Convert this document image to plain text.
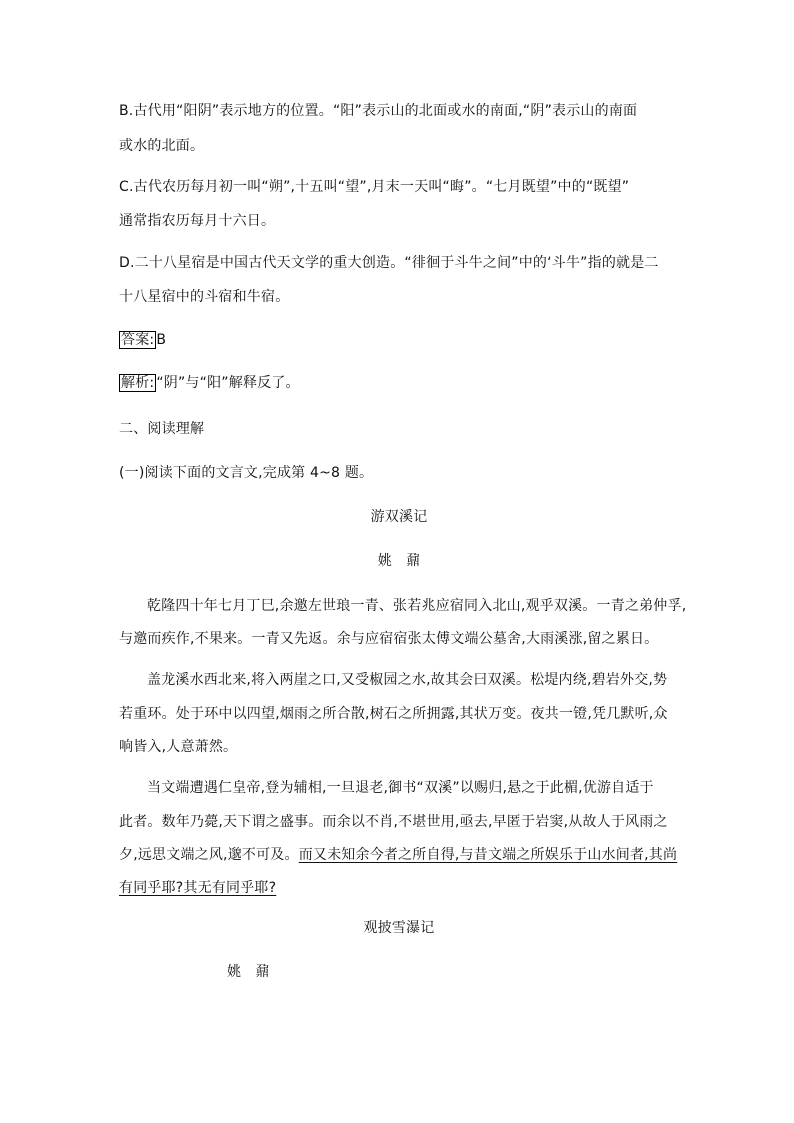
B.古代用“阳阴”表示地方的位置。“阳”表示山的北面或水的南面,“阴”表示山的南面
或水的北面。
C.古代农历每月初一叫“朔”,十五叫“望”,月末一天叫“晦”。“七月既望”中的“既望”
通常指农历每月十六日。
D.二十八星宿是中国古代天文学的重大创造。“徘徊于斗牛之间”中的‘斗牛”指的就是二
十八星宿中的斗宿和牛宿。
答案: B
解析: “阴”与“阳”解释反了。
二、阅读理解
(一)阅读下面的文言文,完成第 4~8 题。
游双溪记
姚　鼐
乾隆四十年七月丁巳,余邀左世琅一青、张若兆应宿同入北山,观乎双溪。一青之弟仲孚,
与邀而疾作,不果来。一青又先返。余与应宿宿张太傅文端公墓舍,大雨溪涨,留之累日。
盖龙溪水西北来,将入两崖之口,又受椒园之水,故其会曰双溪。松堤内绕,碧岩外交,势
若重环。处于环中以四望,烟雨之所合散,树石之所拥露,其状万变。夜共一镫,凭几默听,众
响皆入,人意萧然。
当文端遭遇仁皇帝,登为辅相,一旦退老,御书“双溪”以赐归,悬之于此楣,优游自适于
此者。数年乃薨,天下谓之盛事。而余以不肖,不堪世用,亟去,早匿于岩窦,从故人于风雨之
夕,远思文端之风,邈不可及。而又未知余今者之所自得,与昔文端之所娱乐于山水间者,其尚
有同乎耶?其无有同乎耶?
观披雪瀑记
姚　鼐
